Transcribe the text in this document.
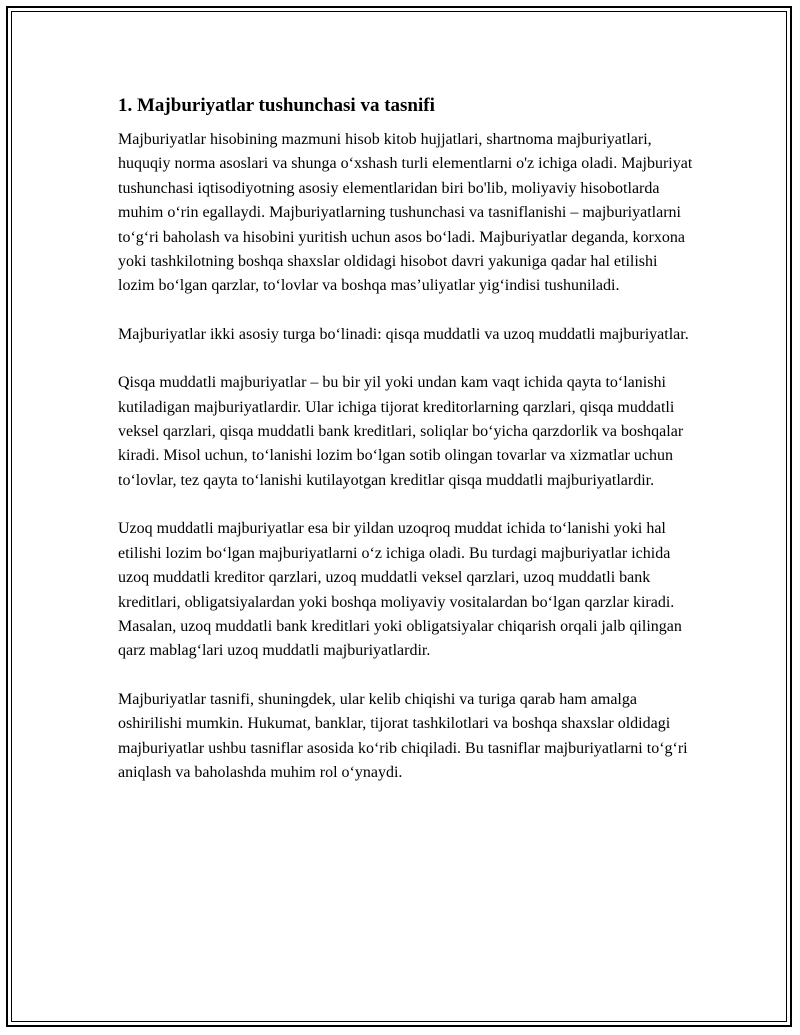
1. Majburiyatlar tushunchasi va tasnifi

Majburiyatlar hisobining mazmuni hisob kitob hujjatlari, shartnoma majburiyatlari, huquqiy norma asoslari va shunga o‘xshash turli elementlarni o'z ichiga oladi. Majburiyat tushunchasi iqtisodiyotning asosiy elementlaridan biri bo'lib, moliyaviy hisobotlarda muhim o‘rin egallaydi. Majburiyatlarning tushunchasi va tasniflanishi – majburiyatlarni to‘g‘ri baholash va hisobini yuritish uchun asos bo‘ladi. Majburiyatlar deganda, korxona yoki tashkilotning boshqa shaxslar oldidagi hisobot davri yakuniga qadar hal etilishi lozim bo‘lgan qarzlar, to‘lovlar va boshqa mas’uliyatlar yig‘indisi tushuniladi.

Majburiyatlar ikki asosiy turga bo‘linadi: qisqa muddatli va uzoq muddatli majburiyatlar.

Qisqa muddatli majburiyatlar – bu bir yil yoki undan kam vaqt ichida qayta to‘lanishi kutiladigan majburiyatlardir. Ular ichiga tijorat kreditorlarning qarzlari, qisqa muddatli veksel qarzlari, qisqa muddatli bank kreditlari, soliqlar bo‘yicha qarzdorlik va boshqalar kiradi. Misol uchun, to‘lanishi lozim bo‘lgan sotib olingan tovarlar va xizmatlar uchun to‘lovlar, tez qayta to‘lanishi kutilayotgan kreditlar qisqa muddatli majburiyatlardir.

Uzoq muddatli majburiyatlar esa bir yildan uzoqroq muddat ichida to‘lanishi yoki hal etilishi lozim bo‘lgan majburiyatlarni o‘z ichiga oladi. Bu turdagi majburiyatlar ichida uzoq muddatli kreditor qarzlari, uzoq muddatli veksel qarzlari, uzoq muddatli bank kreditlari, obligatsiyalardan yoki boshqa moliyaviy vositalardan bo‘lgan qarzlar kiradi. Masalan, uzoq muddatli bank kreditlari yoki obligatsiyalar chiqarish orqali jalb qilingan qarz mablag‘lari uzoq muddatli majburiyatlardir.

Majburiyatlar tasnifi, shuningdek, ular kelib chiqishi va turiga qarab ham amalga oshirilishi mumkin. Hukumat, banklar, tijorat tashkilotlari va boshqa shaxslar oldidagi majburiyatlar ushbu tasniflar asosida ko‘rib chiqiladi. Bu tasniflar majburiyatlarni to‘g‘ri aniqlash va baholashda muhim rol o‘ynaydi.
